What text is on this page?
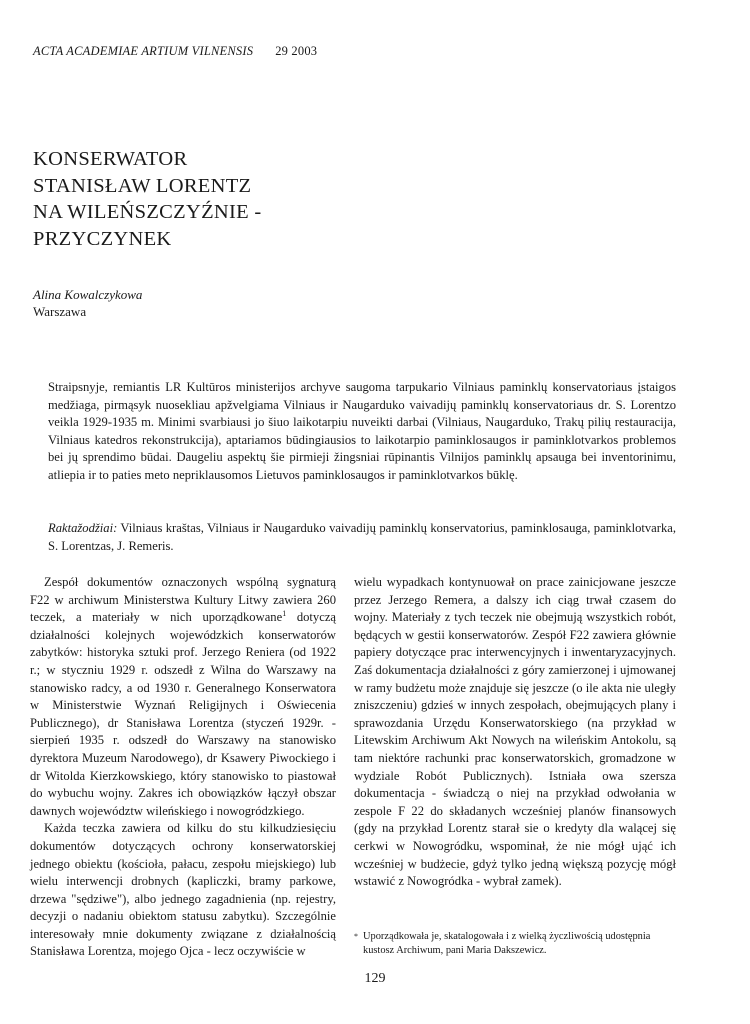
ACTA ACADEMIAE ARTIUM VILNENSIS 29 2003
KONSERWATOR
STANISŁAW LORENTZ
NA WILEŃSZCZYŹNIE -
PRZYCZYNEK
Alina Kowalczykowa
Warszawa

Straipsnyje, remiantis LR Kultūros ministerijos archyve saugoma tarpukario Vilniaus paminklų konservatoriaus įstaigos medžiaga, pirmąsyk nuosekliau apžvelgiama Vilniaus ir Naugarduko vaivadijų paminklų konservatoriaus dr. S. Lorentzo veikla 1929-1935 m. Minimi svarbiausi jo šiuo laikotarpiu nuveikti darbai (Vilniaus, Naugarduko, Trakų pilių restauracija, Vilniaus katedros rekonstrukcija), aptariamos būdingiausios to laikotarpio paminklosaugos ir paminklotvarkos problemos bei jų sprendimo būdai. Daugeliu aspektų šie pirmieji žingsniai rūpinantis Vilnijos paminklų apsauga bei inventorinimu, atliepia ir to paties meto nepriklausomos Lietuvos paminklosaugos ir paminklotvarkos būklę.

Raktažodžiai: Vilniaus kraštas, Vilniaus ir Naugarduko vaivadijų paminklų konservatorius, paminklosauga, paminklotvarka, S. Lorentzas, J. Remeris.

Zespół dokumentów oznaczonych wspólną sygnaturą F22 w archiwum Ministerstwa Kultury Litwy zawiera 260 teczek, a materiały w nich uporządkowane$^1$ dotyczą działalności kolejnych wojewódzkich konserwatorów zabytków: historyka sztuki prof. Jerzego Reniera (od 1922 r.; w styczniu 1929 r. odszedł z Wilna do Warszawy na stanowisko radcy, a od 1930 r. Generalnego Konserwatora w Ministerstwie Wyznań Religijnych i Oświecenia Publicznego), dr Stanisława Lorentza (styczeń 1929r. - sierpień 1935 r. odszedł do Warszawy na stanowisko dyrektora Muzeum Narodowego), dr Ksawery Piwockiego i dr Witolda Kierzkowskiego, który stanowisko to piastował do wybuchu wojny. Zakres ich obowiązków łączył obszar dawnych województw wileńskiego i nowogródzkiego.

Każda teczka zawiera od kilku do stu kilkudziesięciu dokumentów dotyczących ochrony konserwatorskiej jednego obiektu (kościoła, pałacu, zespołu miejskiego) lub wielu interwencji drobnych (kapliczki, bramy parkowe, drzewa "sędziwe"), albo jednego zagadnienia (np. rejestry, decyzji o nadaniu obiektom statusu zabytku). Szczególnie interesowały mnie dokumenty związane z działalnością Stanisława Lorentza, mojego Ojca - lecz oczywiście w

wielu wypadkach kontynuował on prace zainicjowane jeszcze przez Jerzego Remera, a dalszy ich ciąg trwał czasem do wojny. Materiały z tych teczek nie obejmują wszystkich robót, będących w gestii konserwatorów. Zespół F22 zawiera głównie papiery dotyczące prac interwencyjnych i inwentaryzacyjnych. Zaś dokumentacja działalności z góry zamierzonej i ujmowanej w ramy budżetu może znajdujе się jeszcze (o ile akta nie uległy zniszczeniu) gdzieś w innych zespołach, obejmujących plany i sprawozdania Urzędu Konserwatorskiego (na przykład w Litewskim Archiwum Akt Nowych na wileńskim Antokolu, są tam niektóre rachunki prac konserwatorskich, gromadzone w wydziale Robót Publicznych). Istniała owa szersza dokumentacja - świadczą o niej na przykład odwołania w zespole F 22 do składanych wcześniej planów finansowych (gdy na przykład Lorentz starał sie o kredyty dla walącej się cerkwi w Nowogródku, wspominał, że nie mógł ująć ich wcześniej w budżecie, gdyż tylko jedną większą pozycję mógł wstawić z Nowogródka - wybrał zamek).

* Uporządkowała je, skatalogowała i z wielką życzliwością udostępnia kustosz Archiwum, pani Maria Dakszewicz.
129
